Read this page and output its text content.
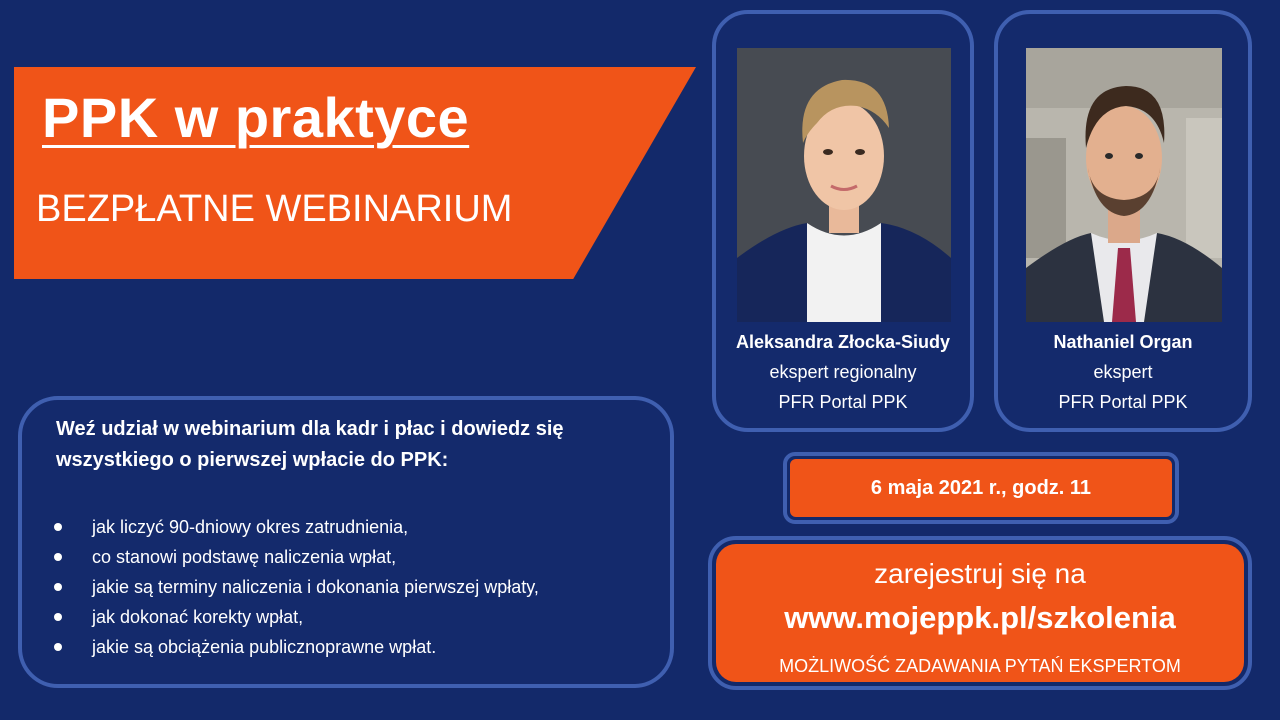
PPK w praktyce
BEZPŁATNE WEBINARIUM
Weź udział w webinarium dla kadr i płac i dowiedz się wszystkiego o pierwszej wpłacie do PPK:
jak liczyć 90-dniowy okres zatrudnienia,
co stanowi podstawę naliczenia wpłat,
jakie są terminy naliczenia i dokonania pierwszej wpłaty,
jak dokonać korekty wpłat,
jakie są obciążenia publicznoprawne wpłat.
Aleksandra Złocka-Siudy
ekspert regionalny
PFR Portal PPK
Nathaniel Organ
ekspert
PFR Portal PPK
6 maja 2021 r., godz. 11
zarejestruj się na
www.mojeppk.pl/szkolenia
MOŻLIWOŚĆ ZADAWANIA PYTAŃ EKSPERTOM
